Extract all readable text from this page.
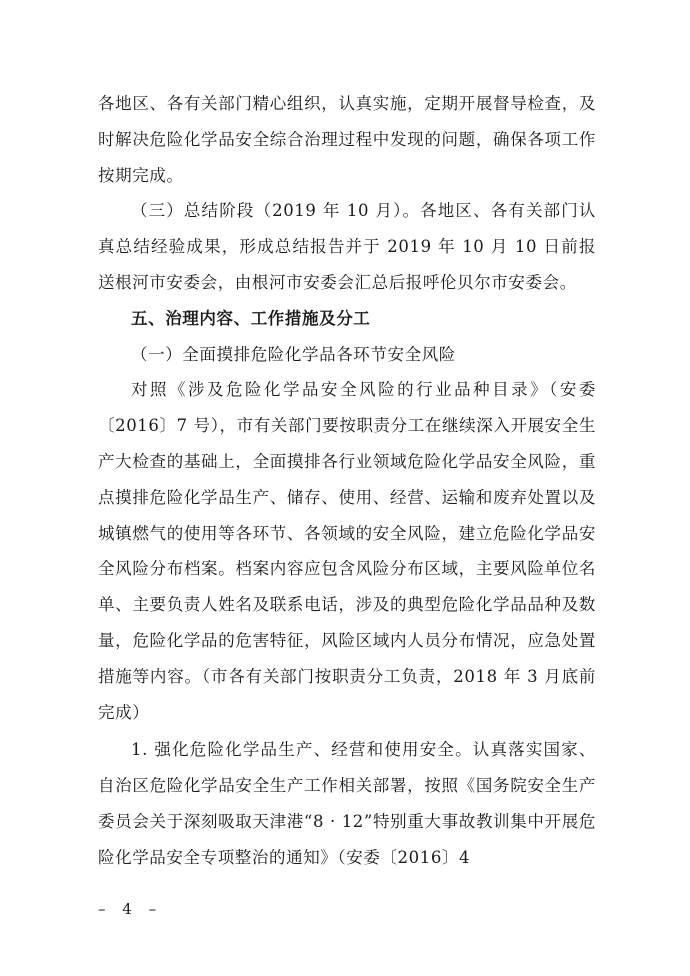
各地区、各有关部门精心组织，认真实施，定期开展督导检查，及时解决危险化学品安全综合治理过程中发现的问题，确保各项工作按期完成。

（三）总结阶段（2019 年 10 月）。各地区、各有关部门认真总结经验成果，形成总结报告并于 2019 年 10 月 10 日前报送根河市安委会，由根河市安委会汇总后报呼伦贝尔市安委会。

五、治理内容、工作措施及分工

（一）全面摸排危险化学品各环节安全风险

对照《涉及危险化学品安全风险的行业品种目录》（安委〔2016〕7 号），市有关部门要按职责分工在继续深入开展安全生产大检查的基础上，全面摸排各行业领域危险化学品安全风险，重点摸排危险化学品生产、储存、使用、经营、运输和废弃处置以及城镇燃气的使用等各环节、各领域的安全风险，建立危险化学品安全风险分布档案。档案内容应包含风险分布区域，主要风险单位名单、主要负责人姓名及联系电话，涉及的典型危险化学品品种及数量，危险化学品的危害特征，风险区域内人员分布情况，应急处置措施等内容。（市各有关部门按职责分工负责，2018 年 3 月底前完成）

1. 强化危险化学品生产、经营和使用安全。认真落实国家、自治区危险化学品安全生产工作相关部署，按照《国务院安全生产委员会关于深刻吸取天津港“8 · 12”特别重大事故教训集中开展危险化学品安全专项整治的通知》（安委〔2016〕4

– 4 –
